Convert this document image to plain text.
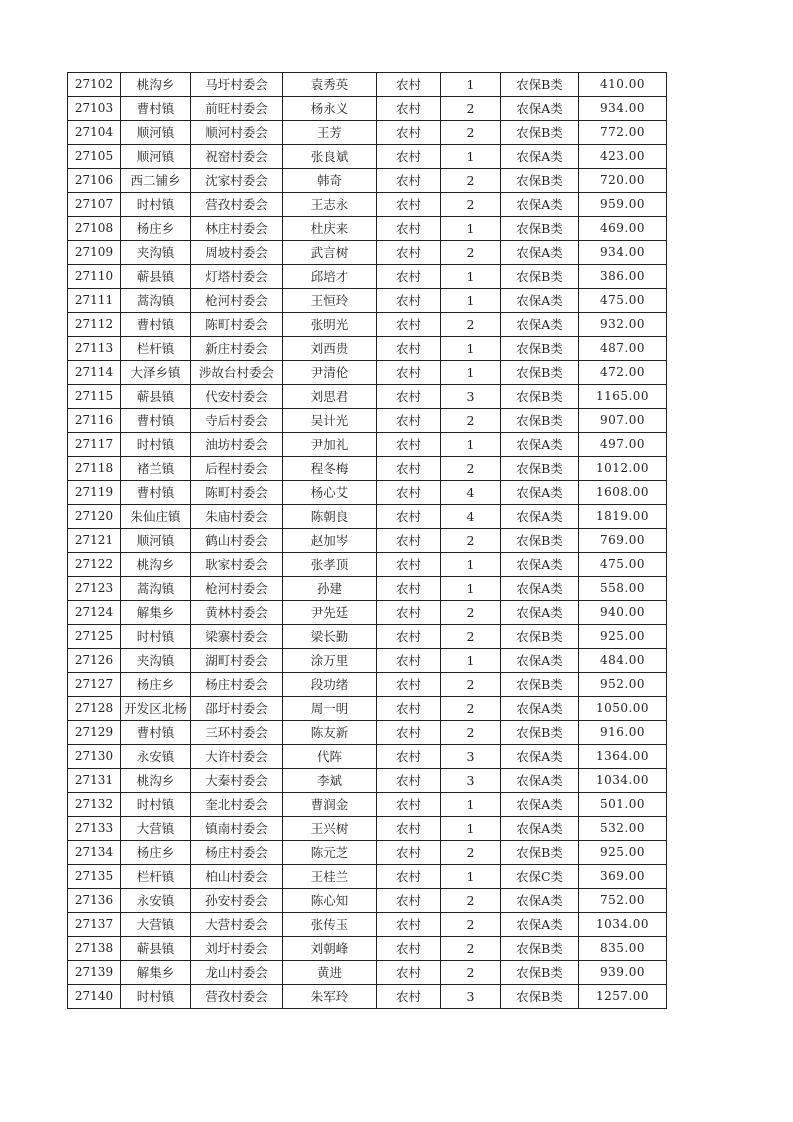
27102	桃沟乡	马圩村委会	袁秀英	农村	1	农保B类	410.00
27103	曹村镇	前旺村委会	杨永义	农村	2	农保A类	934.00
27104	顺河镇	顺河村委会	王芳	农村	2	农保B类	772.00
27105	顺河镇	祝窑村委会	张良斌	农村	1	农保A类	423.00
27106	西二铺乡	沈家村委会	韩奇	农村	2	农保B类	720.00
27107	时村镇	营孜村委会	王志永	农村	2	农保A类	959.00
27108	杨庄乡	林庄村委会	杜庆来	农村	1	农保B类	469.00
27109	夹沟镇	周坡村委会	武言树	农村	2	农保A类	934.00
27110	蕲县镇	灯塔村委会	邱培才	农村	1	农保B类	386.00
27111	蒿沟镇	枪河村委会	王恒玲	农村	1	农保A类	475.00
27112	曹村镇	陈町村委会	张明光	农村	2	农保A类	932.00
27113	栏杆镇	新庄村委会	刘西贵	农村	1	农保B类	487.00
27114	大泽乡镇	涉故台村委会	尹清伦	农村	1	农保B类	472.00
27115	蕲县镇	代安村委会	刘思君	农村	3	农保B类	1165.00
27116	曹村镇	寺后村委会	吴计光	农村	2	农保B类	907.00
27117	时村镇	油坊村委会	尹加礼	农村	1	农保A类	497.00
27118	褚兰镇	后程村委会	程冬梅	农村	2	农保B类	1012.00
27119	曹村镇	陈町村委会	杨心艾	农村	4	农保A类	1608.00
27120	朱仙庄镇	朱庙村委会	陈朝良	农村	4	农保A类	1819.00
27121	顺河镇	鹤山村委会	赵加岑	农村	2	农保B类	769.00
27122	桃沟乡	耿家村委会	张孝顶	农村	1	农保A类	475.00
27123	蒿沟镇	枪河村委会	孙建	农村	1	农保A类	558.00
27124	解集乡	黄林村委会	尹先廷	农村	2	农保A类	940.00
27125	时村镇	梁寨村委会	梁长勤	农村	2	农保B类	925.00
27126	夹沟镇	湖町村委会	涂万里	农村	1	农保A类	484.00
27127	杨庄乡	杨庄村委会	段功绪	农村	2	农保B类	952.00
27128	开发区北杨	邵圩村委会	周一明	农村	2	农保A类	1050.00
27129	曹村镇	三环村委会	陈友新	农村	2	农保B类	916.00
27130	永安镇	大许村委会	代阵	农村	3	农保A类	1364.00
27131	桃沟乡	大秦村委会	李斌	农村	3	农保A类	1034.00
27132	时村镇	奎北村委会	曹润金	农村	1	农保A类	501.00
27133	大营镇	镇南村委会	王兴树	农村	1	农保A类	532.00
27134	杨庄乡	杨庄村委会	陈元芝	农村	2	农保B类	925.00
27135	栏杆镇	柏山村委会	王桂兰	农村	1	农保C类	369.00
27136	永安镇	孙安村委会	陈心知	农村	2	农保A类	752.00
27137	大营镇	大营村委会	张传玉	农村	2	农保A类	1034.00
27138	蕲县镇	刘圩村委会	刘朝峰	农村	2	农保B类	835.00
27139	解集乡	龙山村委会	黄进	农村	2	农保B类	939.00
27140	时村镇	营孜村委会	朱军玲	农村	3	农保B类	1257.00
